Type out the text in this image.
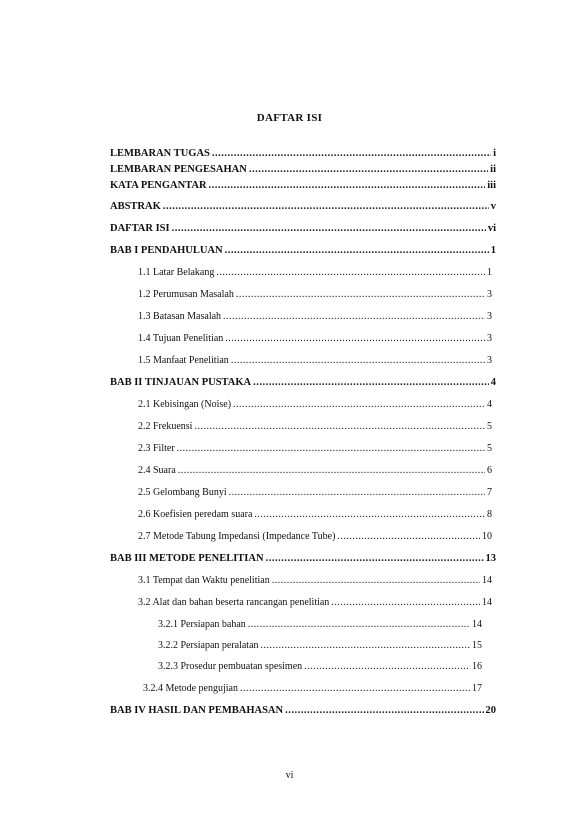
DAFTAR ISI
LEMBARAN TUGAS .....	i
LEMBARAN PENGESAHAN .....	ii
KATA PENGANTAR .....	iii
ABSTRAK .....	v
DAFTAR ISI .....	vi
BAB I PENDAHULUAN .....	1
1.1 Latar Belakang .....	1
1.2 Perumusan Masalah .....	3
1.3 Batasan Masalah .....	3
1.4 Tujuan Penelitian .....	3
1.5 Manfaat Penelitian .....	3
BAB II TINJAUAN PUSTAKA .....	4
2.1 Kebisingan (Noise) .....	4
2.2 Frekuensi .....	5
2.3 Filter .....	5
2.4 Suara .....	6
2.5 Gelombang Bunyi .....	7
2.6 Koefisien peredam suara .....	8
2.7 Metode Tabung Impedansi (Impedance Tube) .....	10
BAB III METODE PENELITIAN .....	13
3.1 Tempat dan Waktu penelitian .....	14
3.2 Alat dan bahan beserta rancangan penelitian .....	14
3.2.1 Persiapan bahan .....	14
3.2.2 Persiapan peralatan .....	15
3.2.3 Prosedur pembuatan spesimen .....	16
3.2.4 Metode pengujian .....	17
BAB IV HASIL DAN PEMBAHASAN .....	20
vi
